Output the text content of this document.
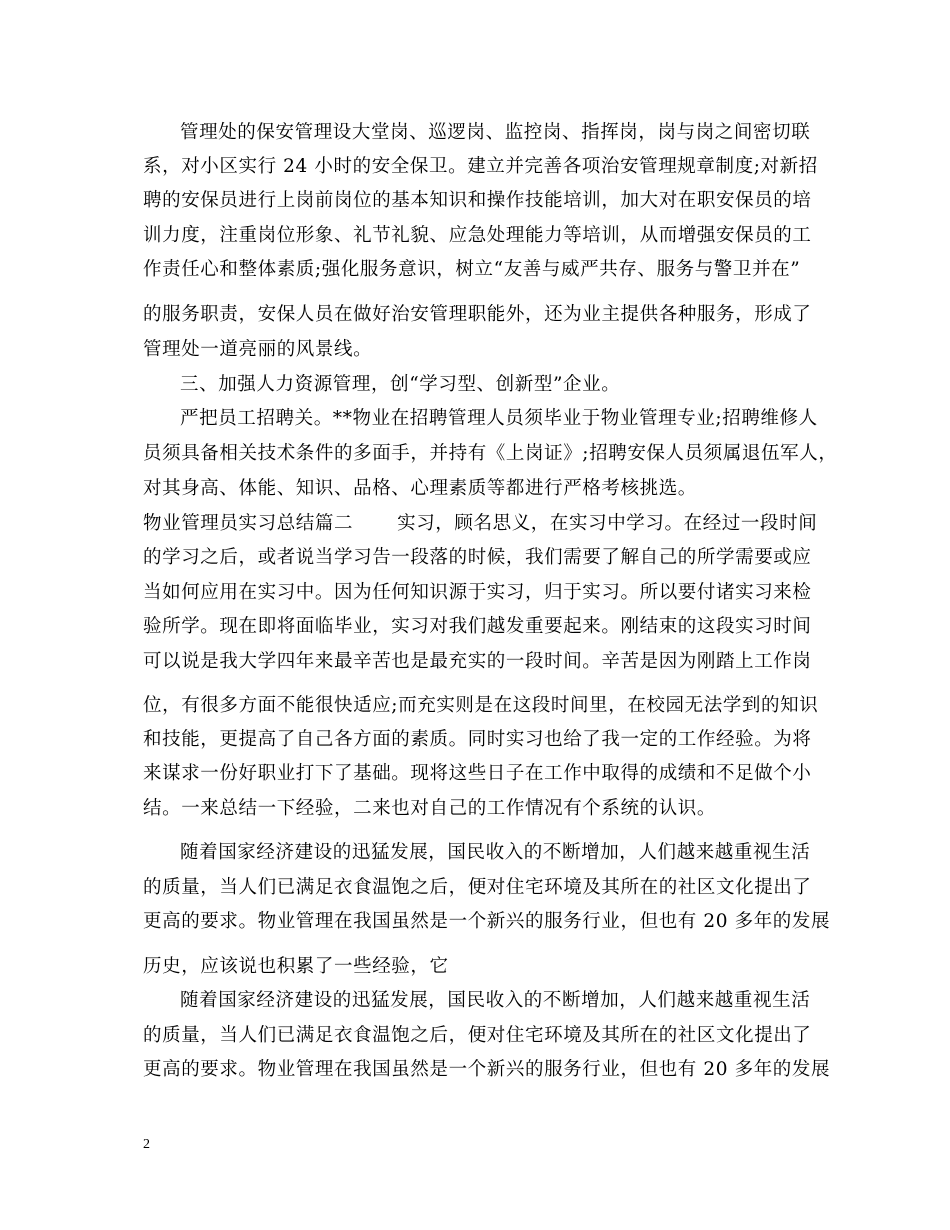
管理处的保安管理设大堂岗、巡逻岗、监控岗、指挥岗，岗与岗之间密切联
系，对小区实行 24 小时的安全保卫。建立并完善各项治安管理规章制度;对新招
聘的安保员进行上岗前岗位的基本知识和操作技能培训，加大对在职安保员的培
训力度，注重岗位形象、礼节礼貌、应急处理能力等培训，从而增强安保员的工
作责任心和整体素质;强化服务意识，树立“友善与威严共存、服务与警卫并在”
的服务职责，安保人员在做好治安管理职能外，还为业主提供各种服务，形成了
管理处一道亮丽的风景线。
三、加强人力资源管理，创“学习型、创新型”企业。
严把员工招聘关。**物业在招聘管理人员须毕业于物业管理专业;招聘维修人
员须具备相关技术条件的多面手，并持有《上岗证》;招聘安保人员须属退伍军人，
对其身高、体能、知识、品格、心理素质等都进行严格考核挑选。
物业管理员实习总结篇二 实习，顾名思义，在实习中学习。在经过一段时间
的学习之后，或者说当学习告一段落的时候，我们需要了解自己的所学需要或应
当如何应用在实习中。因为任何知识源于实习，归于实习。所以要付诸实习来检
验所学。现在即将面临毕业，实习对我们越发重要起来。刚结束的这段实习时间
可以说是我大学四年来最辛苦也是最充实的一段时间。辛苦是因为刚踏上工作岗
位，有很多方面不能很快适应;而充实则是在这段时间里，在校园无法学到的知识
和技能，更提高了自己各方面的素质。同时实习也给了我一定的工作经验。为将
来谋求一份好职业打下了基础。现将这些日子在工作中取得的成绩和不足做个小
结。一来总结一下经验，二来也对自己的工作情况有个系统的认识。
随着国家经济建设的迅猛发展，国民收入的不断增加，人们越来越重视生活
的质量，当人们已满足衣食温饱之后，便对住宅环境及其所在的社区文化提出了
更高的要求。物业管理在我国虽然是一个新兴的服务行业，但也有 20 多年的发展
历史，应该说也积累了一些经验，它
随着国家经济建设的迅猛发展，国民收入的不断增加，人们越来越重视生活
的质量，当人们已满足衣食温饱之后，便对住宅环境及其所在的社区文化提出了
更高的要求。物业管理在我国虽然是一个新兴的服务行业，但也有 20 多年的发展
2
